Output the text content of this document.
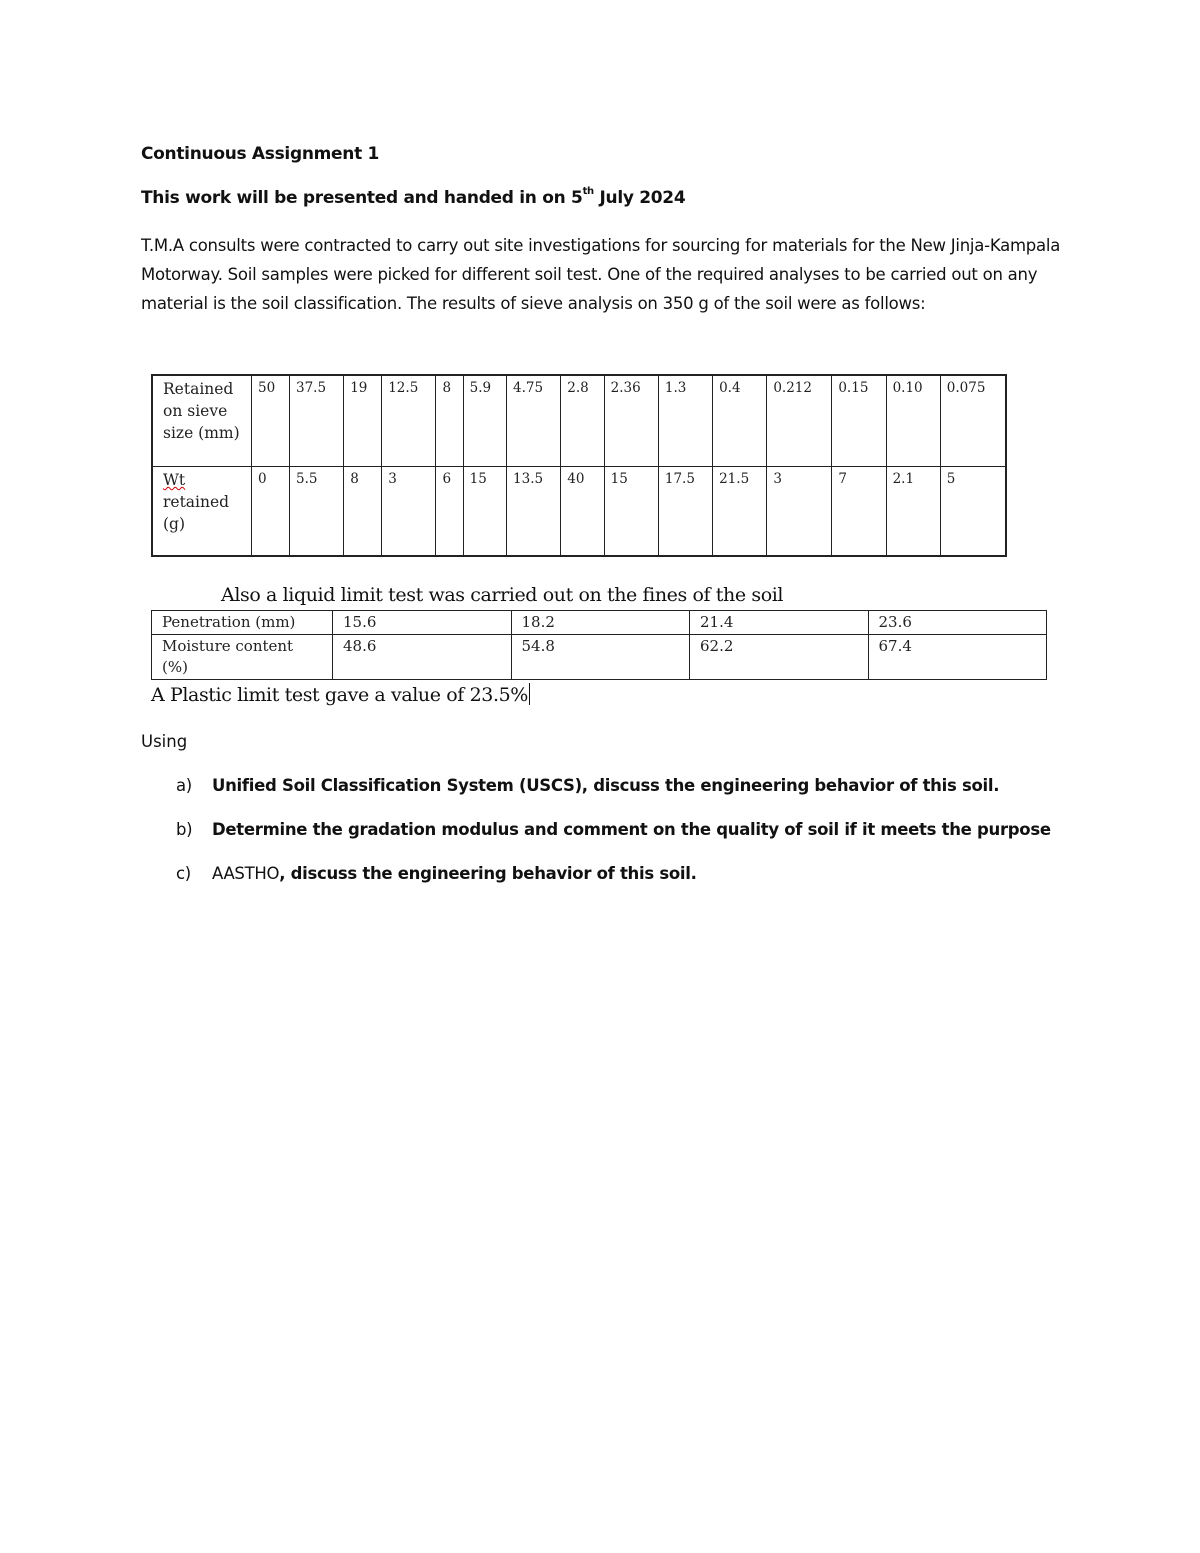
Continuous Assignment 1
This work will be presented and handed in on 5th July 2024
T.M.A consults were contracted to carry out site investigations for sourcing for materials for the New Jinja-Kampala Motorway. Soil samples were picked for different soil test. One of the required analyses to be carried out on any material is the soil classification. The results of sieve analysis on 350 g of the soil were as follows:
Retained on sieve size (mm)	50	37.5	19	12.5	8	5.9	4.75	2.8	2.36	1.3	0.4	0.212	0.15	0.10	0.075
Wt
retained (g)	0	5.5	8	3	6	15	13.5	40	15	17.5	21.5	3	7	2.1	5
Also a liquid limit test was carried out on the fines of the soil
Penetration (mm)	15.6	18.2	21.4	23.6
Moisture content (%)	48.6	54.8	62.2	67.4
A Plastic limit test gave a value of 23.5%
Using
a) Unified Soil Classification System (USCS), discuss the engineering behavior of this soil.
b) Determine the gradation modulus and comment on the quality of soil if it meets the purpose
c) AASTHO, discuss the engineering behavior of this soil.
